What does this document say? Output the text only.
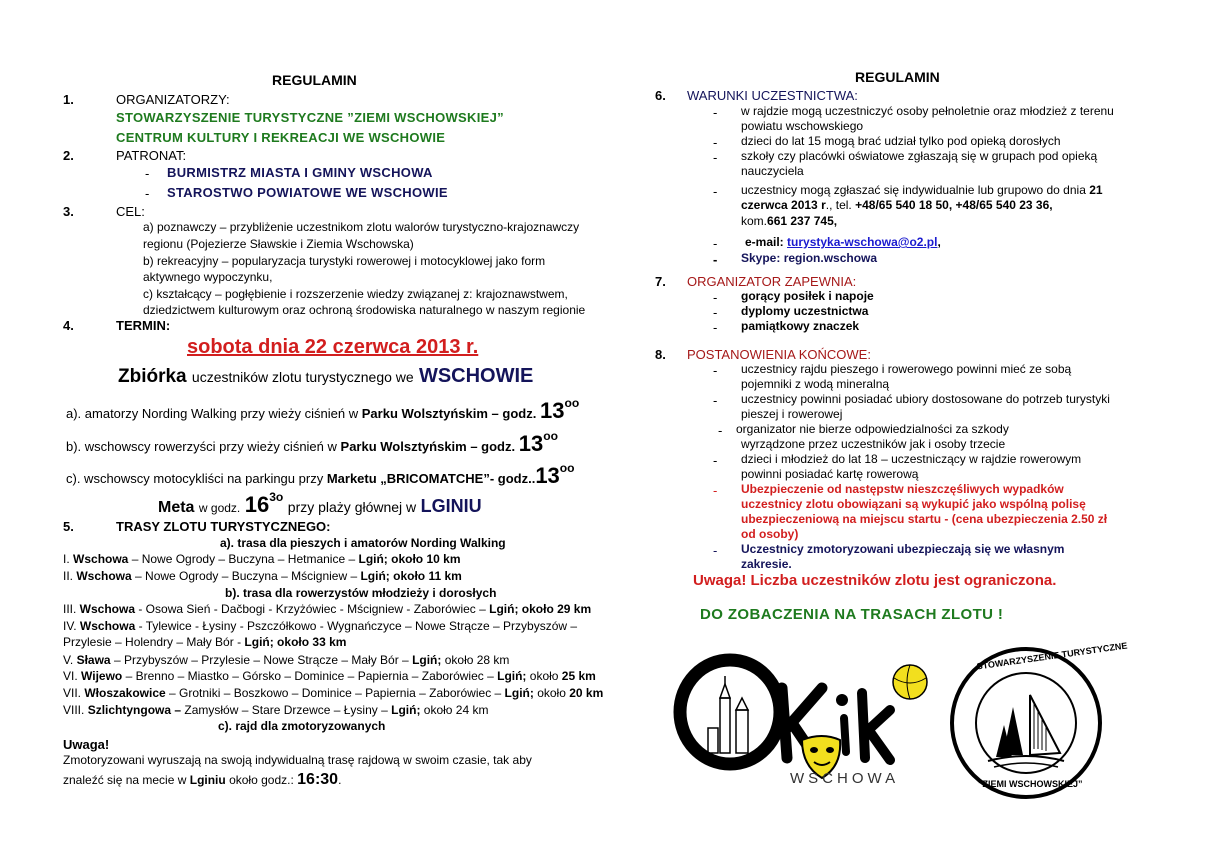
REGULAMIN
1.	ORGANIZATORZY:
STOWARZYSZENIE TURYSTYCZNE ”ZIEMI WSCHOWSKIEJ”
CENTRUM KULTURY I REKREACJI WE WSCHOWIE
2.	PATRONAT:
- BURMISTRZ MIASTA I GMINY WSCHOWA
- STAROSTWO POWIATOWE WE WSCHOWIE
3.	CEL:
a) poznawczy – przybliżenie uczestnikom zlotu walorów turystyczno-krajoznawczy
regionu (Pojezierze Sławskie i Ziemia Wschowska)
b) rekreacyjny – popularyzacja turystyki rowerowej i motocyklowej jako form
aktywnego wypoczynku,
c) kształcący – pogłębienie i rozszerzenie wiedzy związanej z: krajoznawstwem,
dziedzictwem kulturowym oraz ochroną środowiska naturalnego w naszym regionie
4.	TERMIN:
sobota dnia 22 czerwca 2013 r.
Zbiórka uczestników zlotu turystycznego we WSCHOWIE
a). amatorzy Nording Walking przy wieży ciśnień w Parku Wolsztyńskim – godz. $13^{oo}$
b). wschowscy rowerzyści przy wieży ciśnień w Parku Wolsztyńskim – godz. $13^{oo}$
c). wschowscy motocykliści na parkingu przy Marketu „BRICOMATCHE”- $godz..13^{oo}$
Meta w godz. $16^{3o}$ przy plaży głównej w LGINIU
5.	TRASY ZLOTU TURYSTYCZNEGO:
a). trasa dla pieszych i amatorów Nording Walking
I. Wschowa – Nowe Ogrody – Buczyna – Hetmanice – Lgiń; około 10 km
II. Wschowa – Nowe Ogrody – Buczyna – Mścigniew – Lgiń; około 11 km
b). trasa dla rowerzystów młodzieży i dorosłych
III. Wschowa - Osowa Sień - Dačbogi - Krzyżówiec - Mścigniew - Zaborówiec – Lgiń; około 29 km
IV. Wschowa - Tylewice - Łysiny - Pszczółkowo - Wygnańczyce – Nowe Strącze – Przybyszów –
Przylesie – Holendry – Mały Bór - Lgiń; około 33 km
V. Sława – Przybyszów – Przylesie – Nowe Strącze – Mały Bór – Lgiń; około 28 km
VI. Wijewo – Brenno – Miastko – Górsko – Dominice – Papiernia – Zaborówiec – Lgiń; około 25 km
VII. Włoszakowice – Grotniki – Boszkowo – Dominice – Papiernia – Zaborówiec – Lgiń; około 20 km
VIII. Szlichtyngowa – Zamysłów – Stare Drzewce – Łysiny – Lgiń; około 24 km
c). rajd dla zmotoryzowanych
Uwaga!
Zmotoryzowani wyruszają na swoją indywidualną trasę rajdową w swoim czasie, tak aby
znaleźć się na mecie w Lginiu około godz.: 16:30.
REGULAMIN
6. WARUNKI UCZESTNICTWA:
- w rajdzie mogą uczestniczyć osoby pełnoletnie oraz młodzież z terenu
powiatu wschowskiego
- dzieci do lat 15 mogą brać udział tylko pod opieką dorosłych
- szkoły czy placówki oświatowe zgłaszają się w grupach pod opieką
nauczyciela
- uczestnicy mogą zgłaszać się indywidualnie lub grupowo do dnia 21
czerwca 2013 r., tel. +48/65 540 18 50, +48/65 540 23 36,
kom.661 237 745,
- e-mail: turystyka-wschowa@o2.pl,
- Skype: region.wschowa
7. ORGANIZATOR ZAPEWNIA:
- gorący posiłek i napoje
- dyplomy uczestnictwa
- pamiątkowy znaczek
8. POSTANOWIENIA KOŃCOWE:
- uczestnicy rajdu pieszego i rowerowego powinni mieć ze sobą
pojemniki z wodą mineralną
- uczestnicy powinni posiadać ubiory dostosowane do potrzeb turystyki
pieszej i rowerowej
- organizator nie bierze odpowiedzialności za szkody
wyrządzone przez uczestników jak i osoby trzecie
- dzieci i młodzież do lat 18 – uczestniczący w rajdzie rowerowym
powinni posiadać kartę rowerową
- Ubezpieczenie od następstw nieszczęśliwych wypadków
uczestnicy zlotu obowiązani są wykupić jako wspólną polisę
ubezpieczeniową na miejscu startu - (cena ubezpieczenia 2.50 zł
od osoby)
- Uczestnicy zmotoryzowani ubezpieczają się we własnym
zakresie.
Uwaga! Liczba uczestników zlotu jest ograniczona.
DO ZOBACZENIA NA TRASACH ZLOTU !
WSCHOWA
STOWARZYSZENIE TURYSTYCZNE
”ZIEMI WSCHOWSKIEJ”
